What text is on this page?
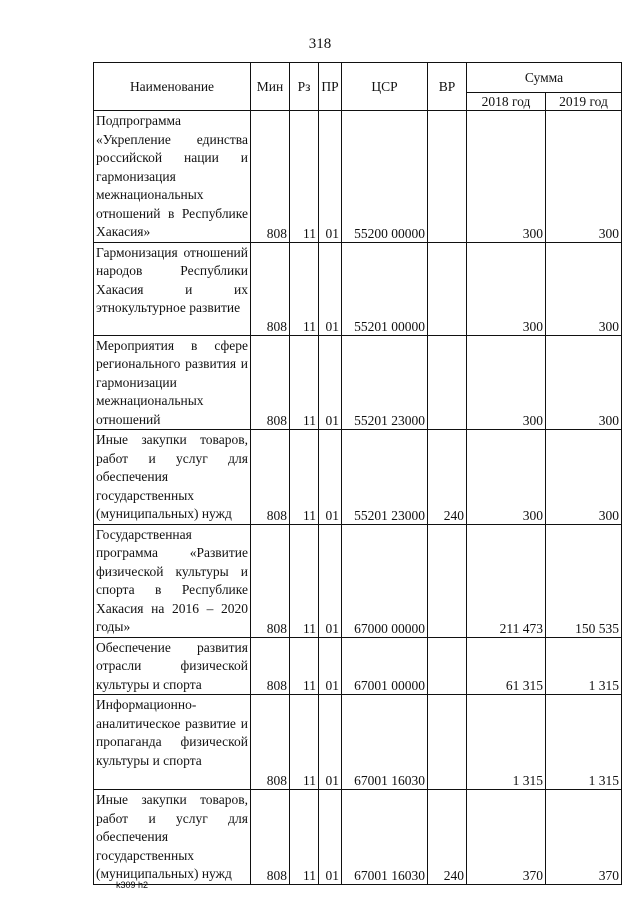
318
Наименование	Мин	Рз	ПР	ЦСР	ВР	Сумма	
						2018 год	2019 год
Подпрограмма «Укрепление единства российской нации и гармонизация межнациональных отношений в Республике Хакасия»	808	11	01	55200 00000		300	300
Гармонизация отношений народов Республики Хакасия и их этнокультурное развитие	808	11	01	55201 00000		300	300
Мероприятия в сфере регионального развития и гармонизации межнациональных отношений	808	11	01	55201 23000		300	300
Иные закупки товаров, работ и услуг для обеспечения государственных (муниципальных) нужд	808	11	01	55201 23000	240	300	300
Государственная программа «Развитие физической культуры и спорта в Республике Хакасия на 2016 – 2020 годы»	808	11	01	67000 00000		211 473	150 535
Обеспечение развития отрасли физической культуры и спорта	808	11	01	67001 00000		61 315	1 315
Информационно-аналитическое развитие и пропаганда физической культуры и спорта	808	11	01	67001 16030		1 315	1 315
Иные закупки товаров, работ и услуг для обеспечения государственных (муниципальных) нужд	808	11	01	67001 16030	240	370	370
k309 h2
